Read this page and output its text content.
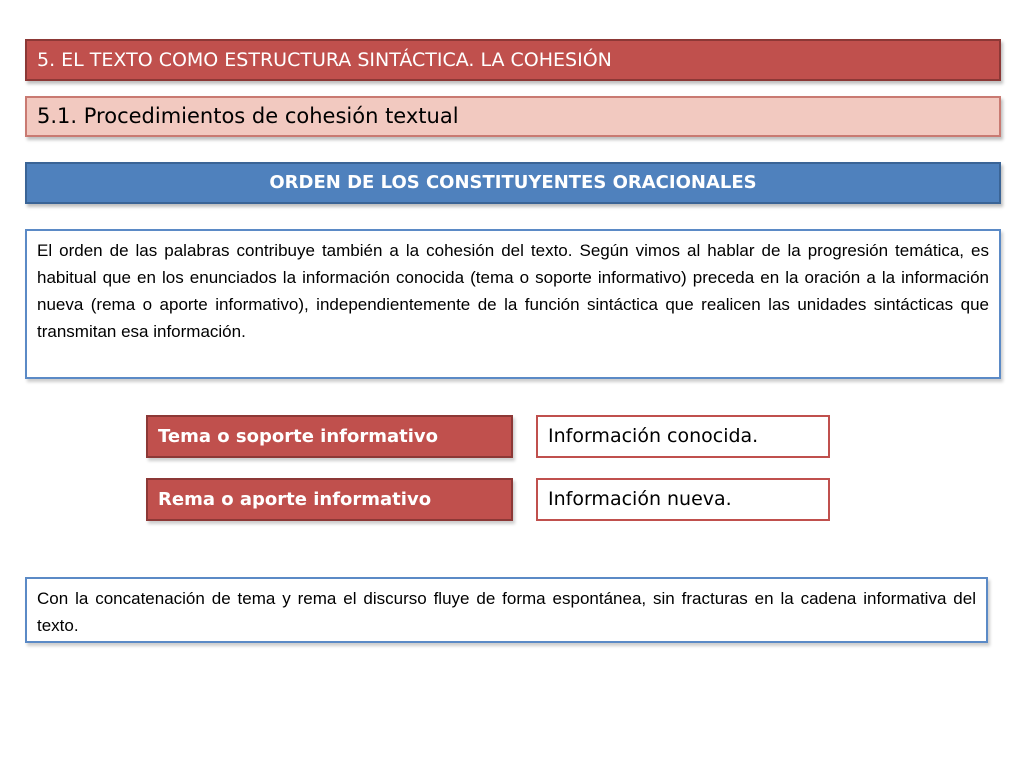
5. EL TEXTO COMO ESTRUCTURA SINTÁCTICA. LA COHESIÓN
5.1. Procedimientos de cohesión textual
ORDEN DE LOS CONSTITUYENTES ORACIONALES
El orden de las palabras contribuye también a la cohesión del texto. Según vimos al hablar de la progresión temática, es habitual que en los enunciados la información conocida (tema o soporte informativo) preceda en la oración a la información nueva (rema o aporte informativo), independientemente de la función sintáctica que realicen las unidades sintácticas que transmitan esa información.
Tema o soporte informativo	Información conocida.
Rema o aporte informativo	Información nueva.
Con la concatenación de tema y rema el discurso fluye de forma espontánea, sin fracturas en la cadena informativa del texto.
